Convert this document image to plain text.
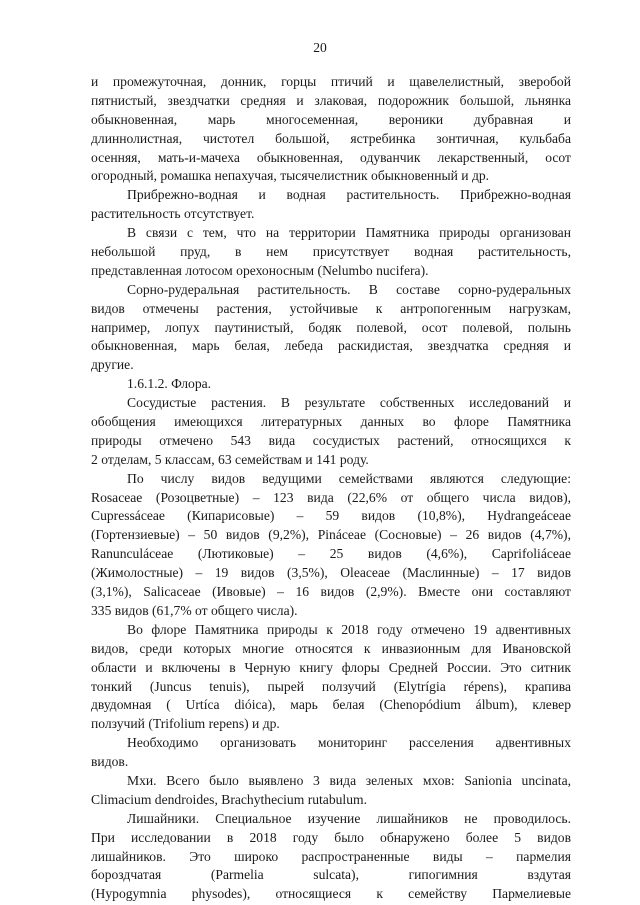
20
и промежуточная, донник, горцы птичий и щавелелистный, зверобой
пятнистый, звездчатки средняя и злаковая, подорожник большой, льнянка
обыкновенная, марь многосеменная, вероники дубравная и
длиннолистная, чистотел большой, ястребинка зонтичная, кульбаба
осенняя, мать-и-мачеха обыкновенная, одуванчик лекарственный, осот
огородный, ромашка непахучая, тысячелистник обыкновенный и др.
Прибрежно-водная и водная растительность. Прибрежно-водная
растительность отсутствует.
В связи с тем, что на территории Памятника природы организован
небольшой пруд, в нем присутствует водная растительность,
представленная лотосом орехоносным (Nelumbo nucifera).
Сорно-рудеральная растительность. В составе сорно-рудеральных
видов отмечены растения, устойчивые к антропогенным нагрузкам,
например, лопух паутинистый, бодяк полевой, осот полевой, полынь
обыкновенная, марь белая, лебеда раскидистая, звездчатка средняя и
другие.
1.6.1.2. Флора.
Сосудистые растения. В результате собственных исследований и
обобщения имеющихся литературных данных во флоре Памятника
природы отмечено 543 вида сосудистых растений, относящихся к
2 отделам, 5 классам, 63 семействам и 141 роду.
По числу видов ведущими семействами являются следующие:
Rosaceae (Розоцветные) – 123 вида (22,6% от общего числа видов),
Cupressáceae (Кипарисовые) – 59 видов (10,8%), Hydrangeáceae
(Гортензиевые) – 50 видов (9,2%), Pináceae (Сосновые) – 26 видов (4,7%),
Ranunculáceae (Лютиковые) – 25 видов (4,6%), Caprifoliáceae
(Жимолостные) – 19 видов (3,5%), Oleaceae (Маслинные) – 17 видов
(3,1%), Salicaceae (Ивовые) – 16 видов (2,9%). Вместе они составляют
335 видов (61,7% от общего числа).
Во флоре Памятника природы к 2018 году отмечено 19 адвентивных
видов, среди которых многие относятся к инвазионным для Ивановской
области и включены в Черную книгу флоры Средней России. Это ситник
тонкий (Juncus tenuis), пырей ползучий (Elytrígia répens), крапива
двудомная ( Urtíca dióica), марь белая (Chenopódium álbum), клевер
ползучий (Trifolium repens) и др.
Необходимо организовать мониторинг расселения адвентивных
видов.
Мхи. Всего было выявлено 3 вида зеленых мхов: Sanionia uncinata,
Climacium dendroides, Brachythecium rutabulum.
Лишайники. Специальное изучение лишайников не проводилось.
При исследовании в 2018 году было обнаружено более 5 видов
лишайников. Это широко распространенные виды – пармелия
бороздчатая (Parmelia sulcata), гипогимния вздутая
(Hypogymnia physodes), относящиеся к семейству Пармелиевые
